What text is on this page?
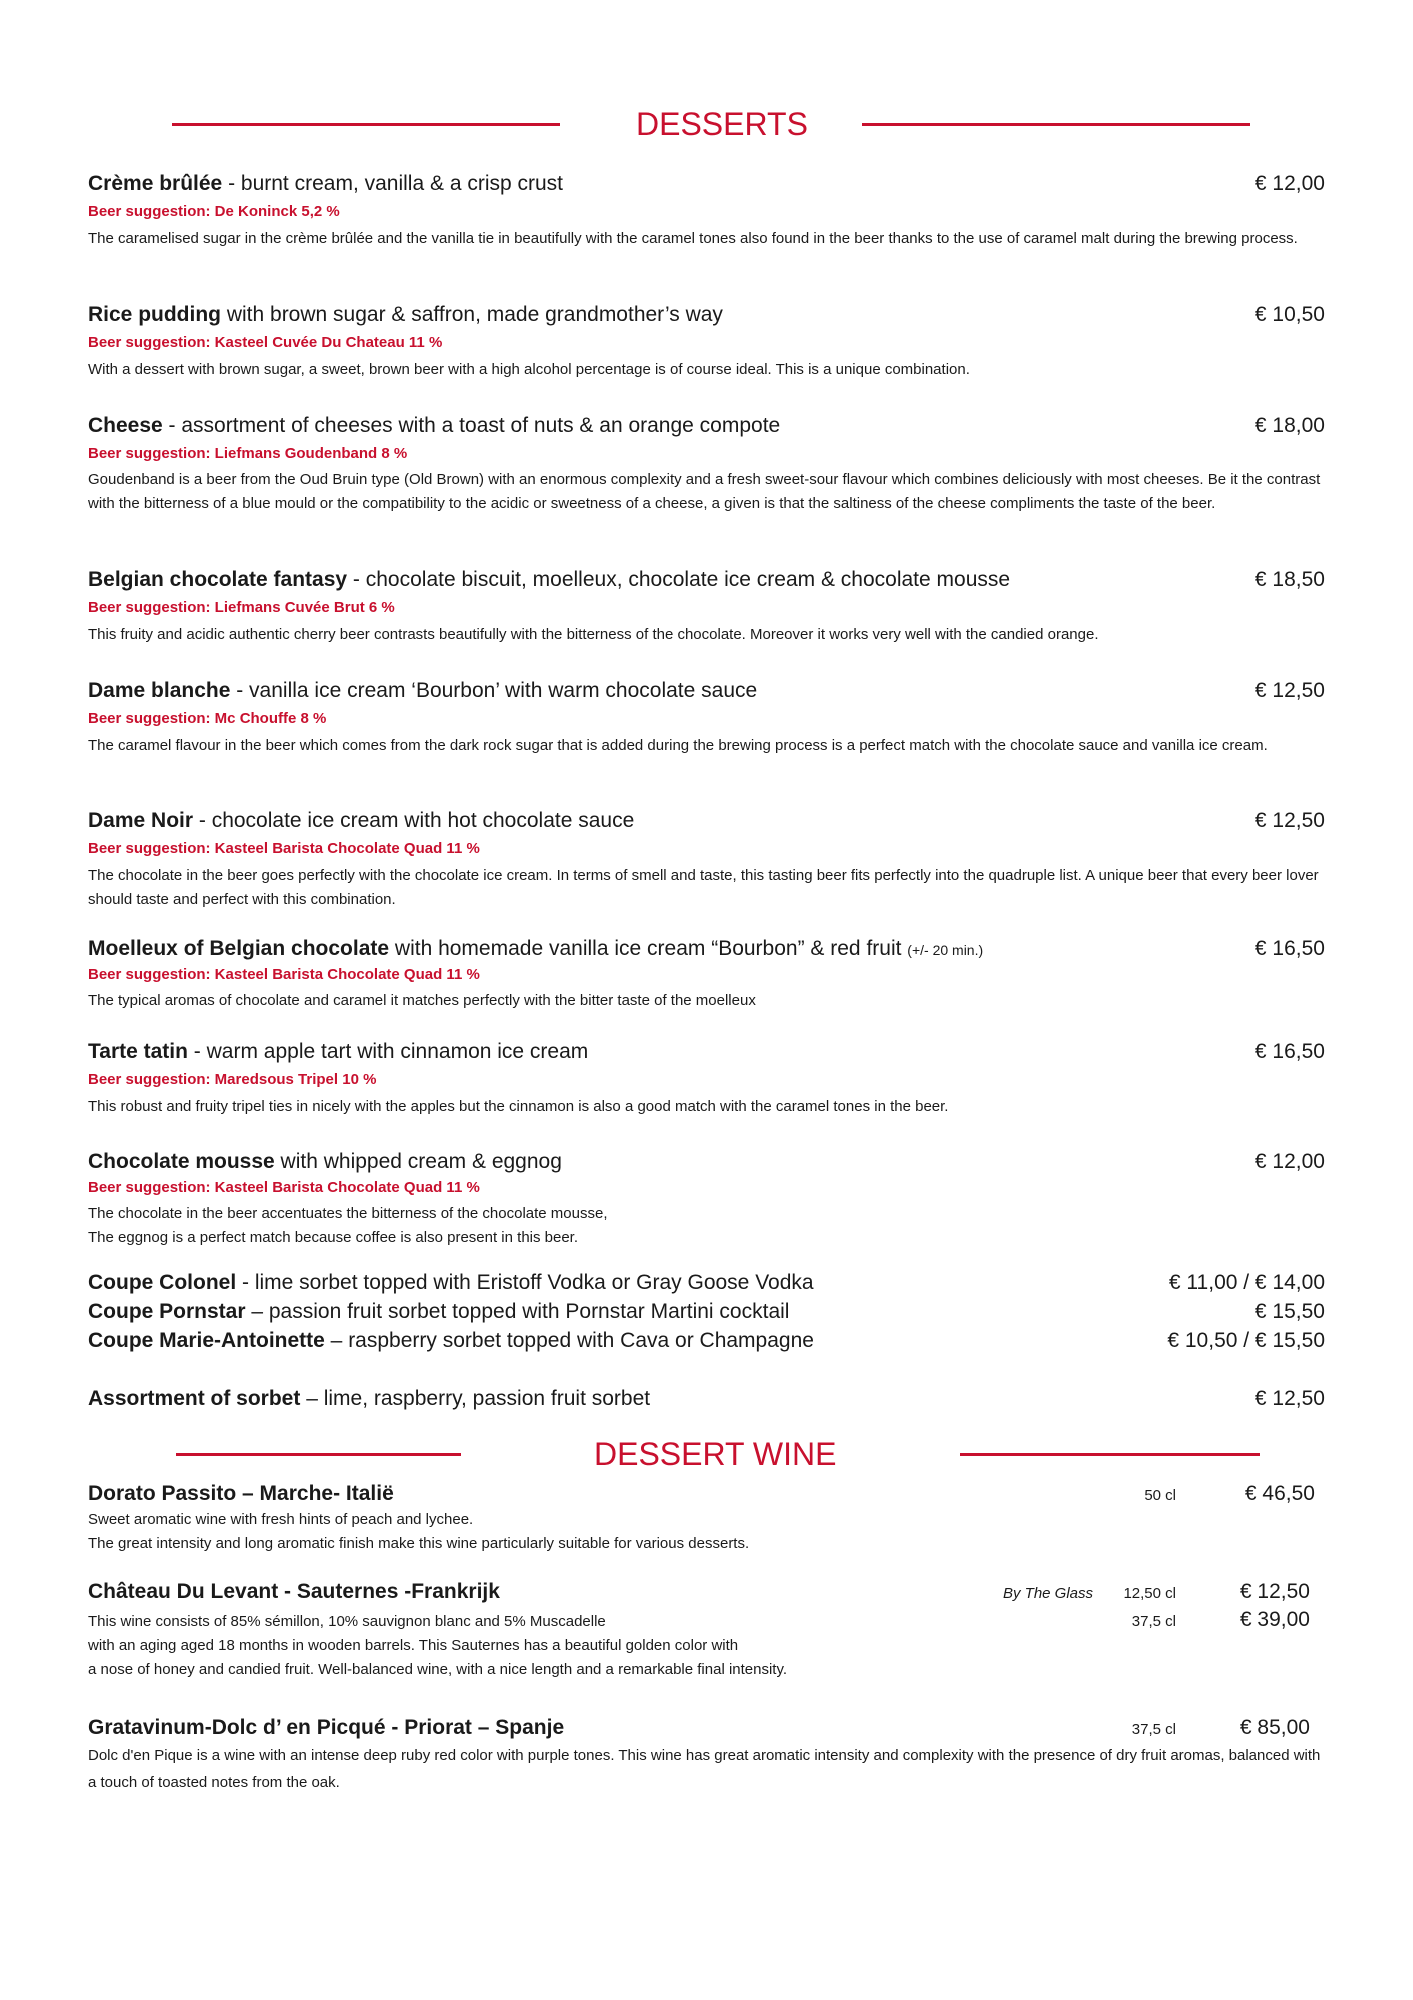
DESSERTS
Crème brûlée - burnt cream, vanilla & a crisp crust	€ 12,00
Beer suggestion: De Koninck 5,2 %
The caramelised sugar in the crème brûlée and the vanilla tie in beautifully with the caramel tones also found in the beer thanks to the use of caramel malt during the brewing process.
Rice pudding with brown sugar & saffron, made grandmother’s way	€ 10,50
Beer suggestion: Kasteel Cuvée Du Chateau 11 %
With a dessert with brown sugar, a sweet, brown beer with a high alcohol percentage is of course ideal. This is a unique combination.
Cheese - assortment of cheeses with a toast of nuts & an orange compote	€ 18,00
Beer suggestion: Liefmans Goudenband 8 %
Goudenband is a beer from the Oud Bruin type (Old Brown) with an enormous complexity and a fresh sweet-sour flavour which combines deliciously with most cheeses. Be it the contrast with the bitterness of a blue mould or the compatibility to the acidic or sweetness of a cheese, a given is that the saltiness of the cheese compliments the taste of the beer.
Belgian chocolate fantasy - chocolate biscuit, moelleux, chocolate ice cream & chocolate mousse	€ 18,50
Beer suggestion: Liefmans Cuvée Brut 6 %
This fruity and acidic authentic cherry beer contrasts beautifully with the bitterness of the chocolate. Moreover it works very well with the candied orange.
Dame blanche - vanilla ice cream ‘Bourbon’ with warm chocolate sauce	€ 12,50
Beer suggestion: Mc Chouffe 8 %
The caramel flavour in the beer which comes from the dark rock sugar that is added during the brewing process is a perfect match with the chocolate sauce and vanilla ice cream.
Dame Noir - chocolate ice cream with hot chocolate sauce	€ 12,50
Beer suggestion: Kasteel Barista Chocolate Quad 11 %
The chocolate in the beer goes perfectly with the chocolate ice cream. In terms of smell and taste, this tasting beer fits perfectly into the quadruple list. A unique beer that every beer lover should taste and perfect with this combination.
Moelleux of Belgian chocolate with homemade vanilla ice cream “Bourbon” & red fruit (+/- 20 min.)	€ 16,50
Beer suggestion: Kasteel Barista Chocolate Quad 11 %
The typical aromas of chocolate and caramel it matches perfectly with the bitter taste of the moelleux
Tarte tatin - warm apple tart with cinnamon ice cream	€ 16,50
Beer suggestion: Maredsous Tripel 10 %
This robust and fruity tripel ties in nicely with the apples but the cinnamon is also a good match with the caramel tones in the beer.
Chocolate mousse with whipped cream & eggnog	€ 12,00
Beer suggestion: Kasteel Barista Chocolate Quad 11 %
The chocolate in the beer accentuates the bitterness of the chocolate mousse,
The eggnog is a perfect match because coffee is also present in this beer.
Coupe Colonel - lime sorbet topped with Eristoff Vodka or Gray Goose Vodka	€ 11,00 / € 14,00
Coupe Pornstar – passion fruit sorbet topped with Pornstar Martini cocktail	€ 15,50
Coupe Marie-Antoinette – raspberry sorbet topped with Cava or Champagne	€ 10,50 / € 15,50
Assortment of sorbet – lime, raspberry, passion fruit sorbet	€ 12,50
DESSERT WINE
Dorato Passito – Marche- Italië	50 cl	€ 46,50
Sweet aromatic wine with fresh hints of peach and lychee.
The great intensity and long aromatic finish make this wine particularly suitable for various desserts.
Château Du Levant - Sauternes -Frankrijk	By The Glass 12,50 cl	€ 12,50
37,5 cl	€ 39,00
This wine consists of 85% sémillon, 10% sauvignon blanc and 5% Muscadelle
with an aging aged 18 months in wooden barrels. This Sauternes has a beautiful golden color with
a nose of honey and candied fruit. Well-balanced wine, with a nice length and a remarkable final intensity.
Gratavinum-Dolc d’ en Picqué - Priorat – Spanje	37,5 cl	€ 85,00
Dolc d'en Pique is a wine with an intense deep ruby red color with purple tones. This wine has great aromatic intensity and complexity with the presence of dry fruit aromas, balanced with a touch of toasted notes from the oak.
